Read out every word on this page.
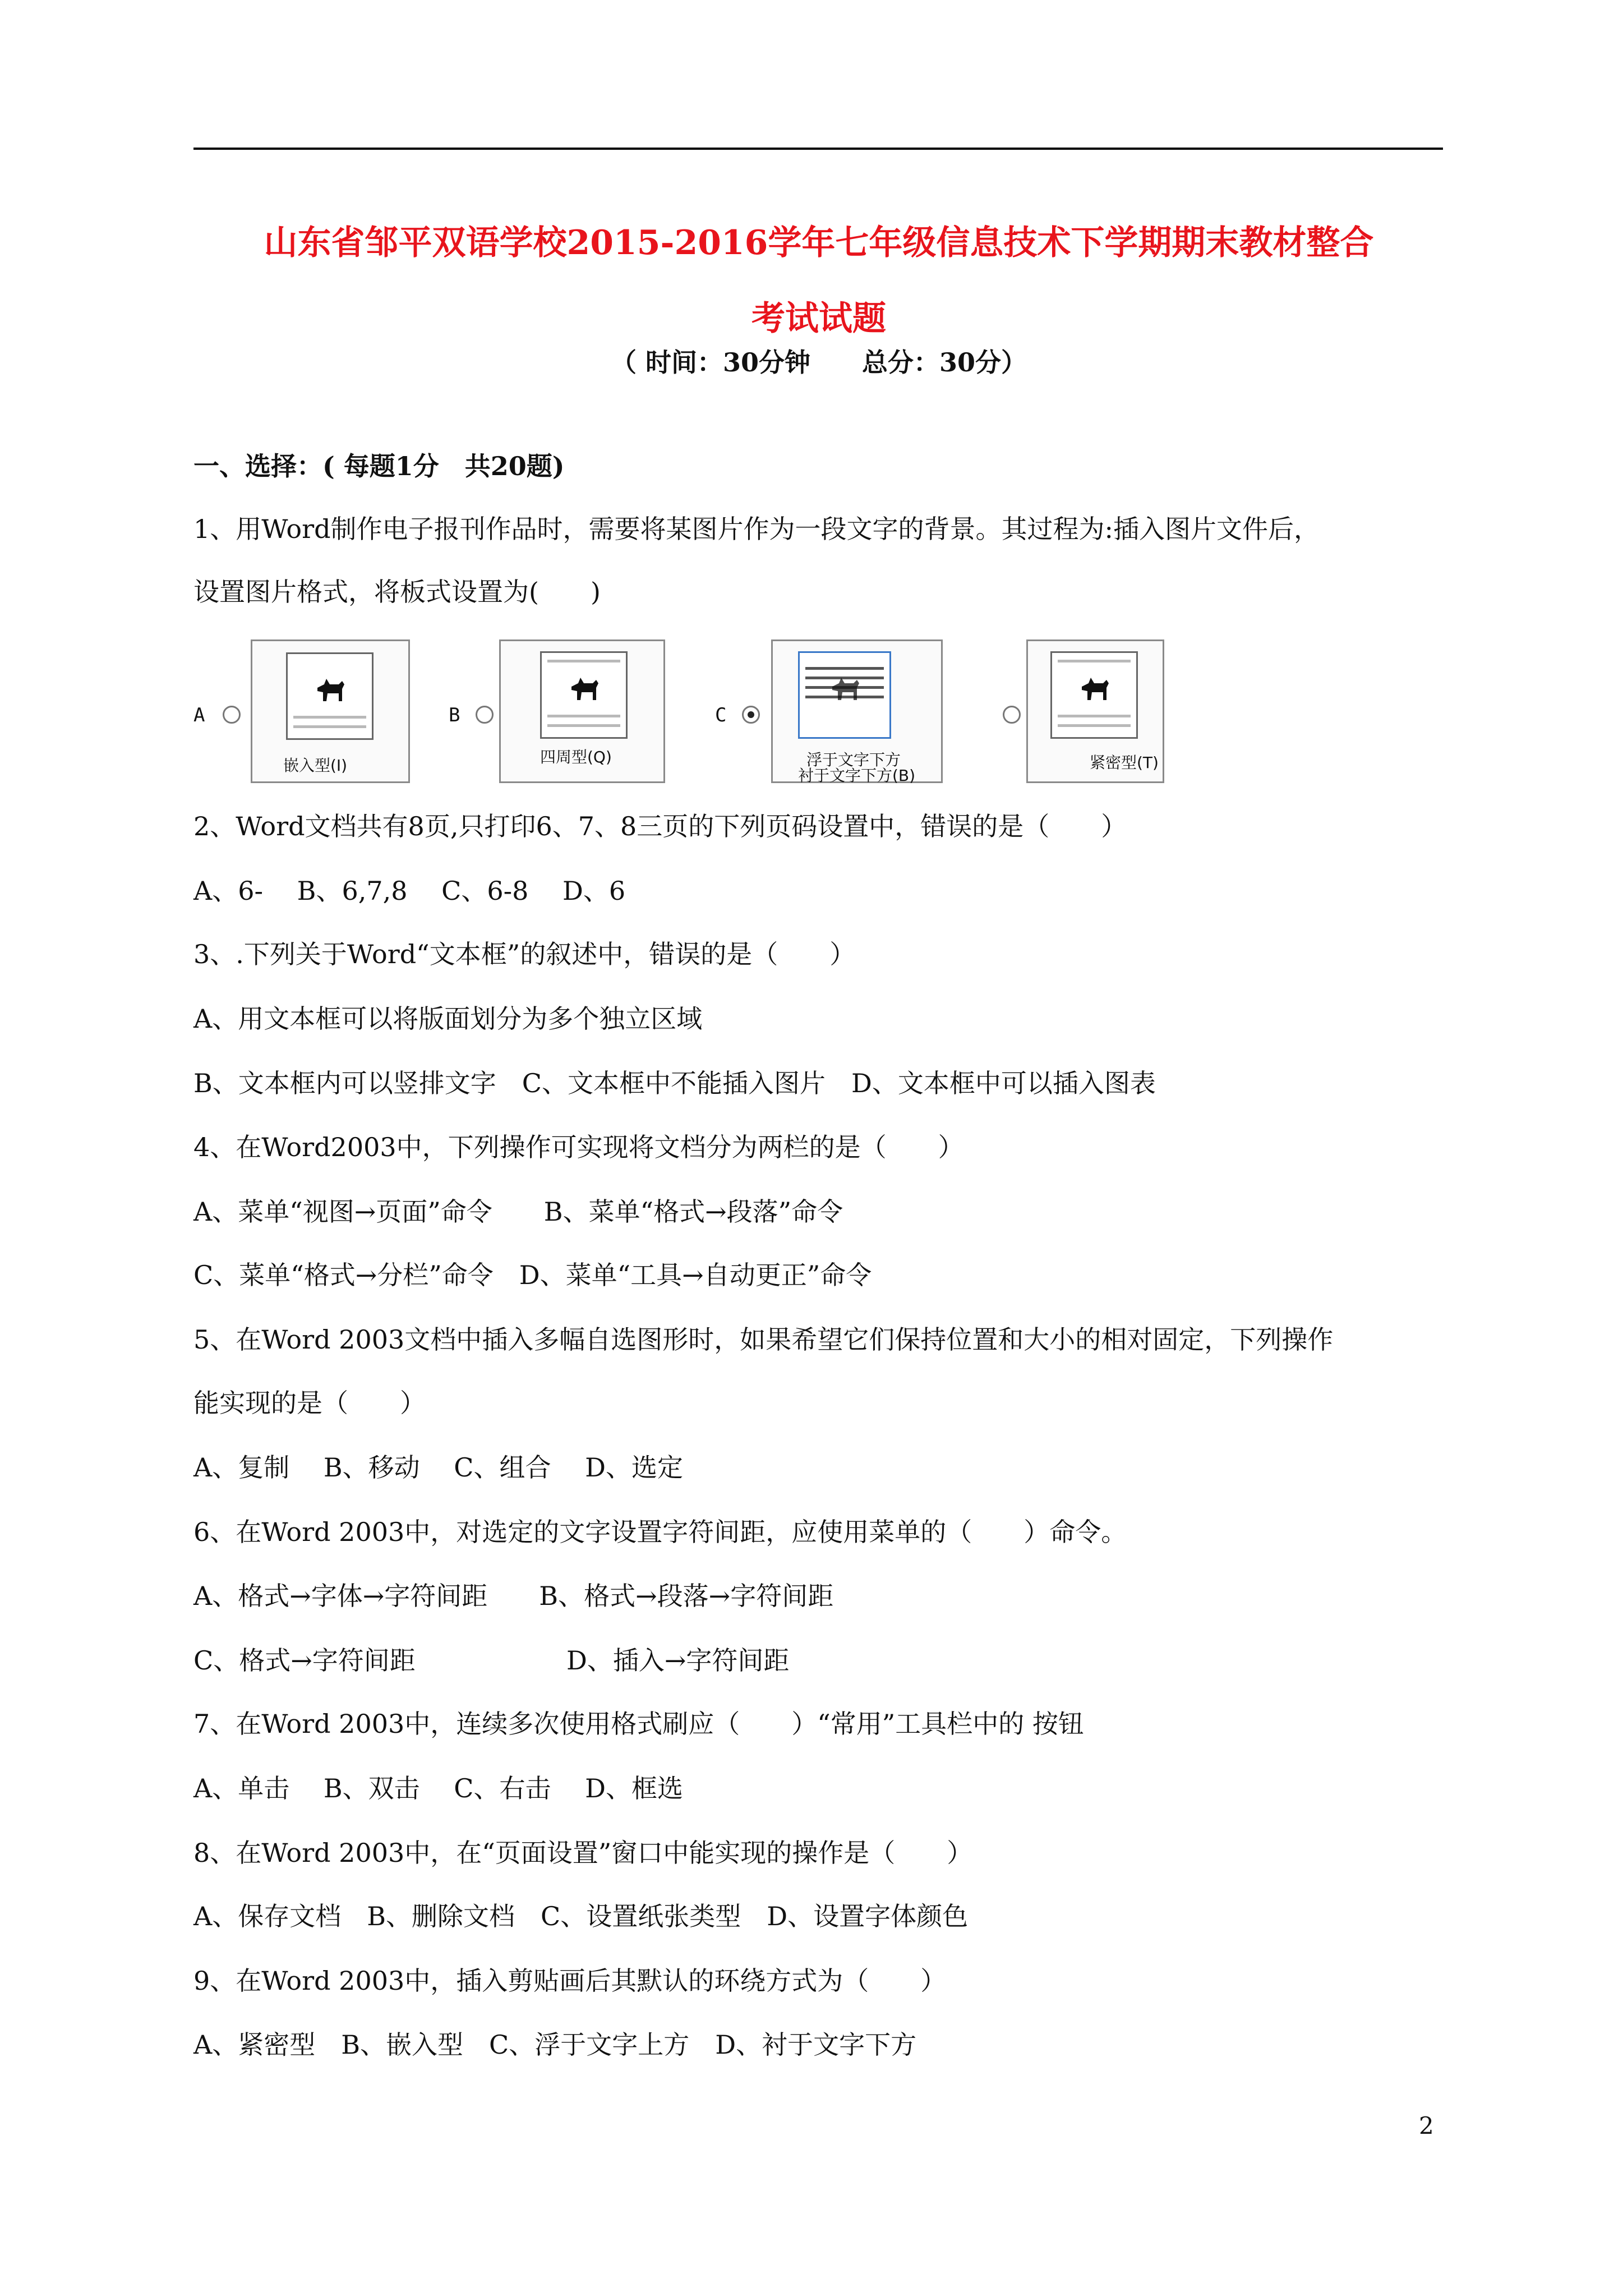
山东省邹平双语学校2015-2016学年七年级信息技术下学期期末教材整合
考试试题
（ 时间：30分钟　　总分：30分）
一、选择：( 每题1分　共20题)
1、用Word制作电子报刊作品时，需要将某图片作为一段文字的背景。其过程为:插入图片文件后，
设置图片格式，将板式设置为(　　)
A
嵌入型(I)
B
四周型(Q)
C
浮于文字下方
衬于文字下方(B)
紧密型(T)
2、Word文档共有8页,只打印6、7、8三页的下列页码设置中，错误的是（　　）
A、6-　 B、6,7,8　 C、6-8　 D、6
3、.下列关于Word“文本框”的叙述中，错误的是（　　）
A、用文本框可以将版面划分为多个独立区域
B、文本框内可以竖排文字　C、文本框中不能插入图片　D、文本框中可以插入图表
4、在Word2003中，下列操作可实现将文档分为两栏的是（　　）
A、菜单“视图→页面”命令　　B、菜单“格式→段落”命令
C、菜单“格式→分栏”命令　D、菜单“工具→自动更正”命令
5、在Word 2003文档中插入多幅自选图形时，如果希望它们保持位置和大小的相对固定，下列操作
能实现的是（　　）
A、复制　 B、移动　 C、组合　 D、选定
6、在Word 2003中，对选定的文字设置字符间距，应使用菜单的（　　）命令。
A、格式→字体→字符间距　　B、格式→段落→字符间距
C、格式→字符间距	D、插入→字符间距
7、在Word 2003中，连续多次使用格式刷应（　　）“常用”工具栏中的 按钮
A、单击　 B、双击　 C、右击　 D、框选
8、在Word 2003中，在“页面设置”窗口中能实现的操作是（　　）
A、保存文档　B、删除文档　C、设置纸张类型　D、设置字体颜色
9、在Word 2003中，插入剪贴画后其默认的环绕方式为（　　）
A、紧密型　B、嵌入型　C、浮于文字上方　D、衬于文字下方
2
